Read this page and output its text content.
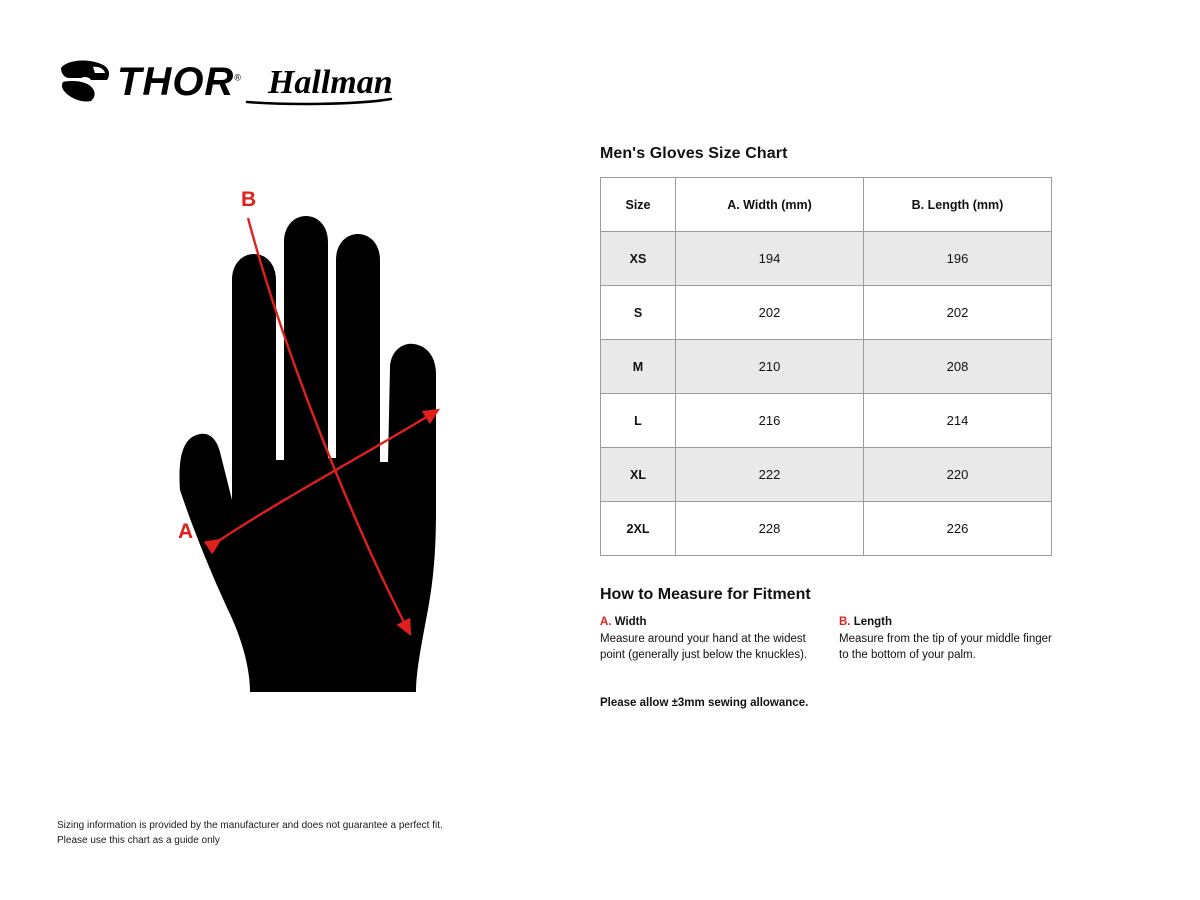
THOR® Hallman
B
A
Men's Gloves Size Chart
Size	A. Width (mm)	B. Length (mm)
XS	194	196
S	202	202
M	210	208
L	216	214
XL	222	220
2XL	228	226
How to Measure for Fitment
A. Width
Measure around your hand at the widest point (generally just below the knuckles).
B. Length
Measure from the tip of your middle finger to the bottom of your palm.
Please allow ±3mm sewing allowance.
Sizing information is provided by the manufacturer and does not guarantee a perfect fit.
Please use this chart as a guide only
